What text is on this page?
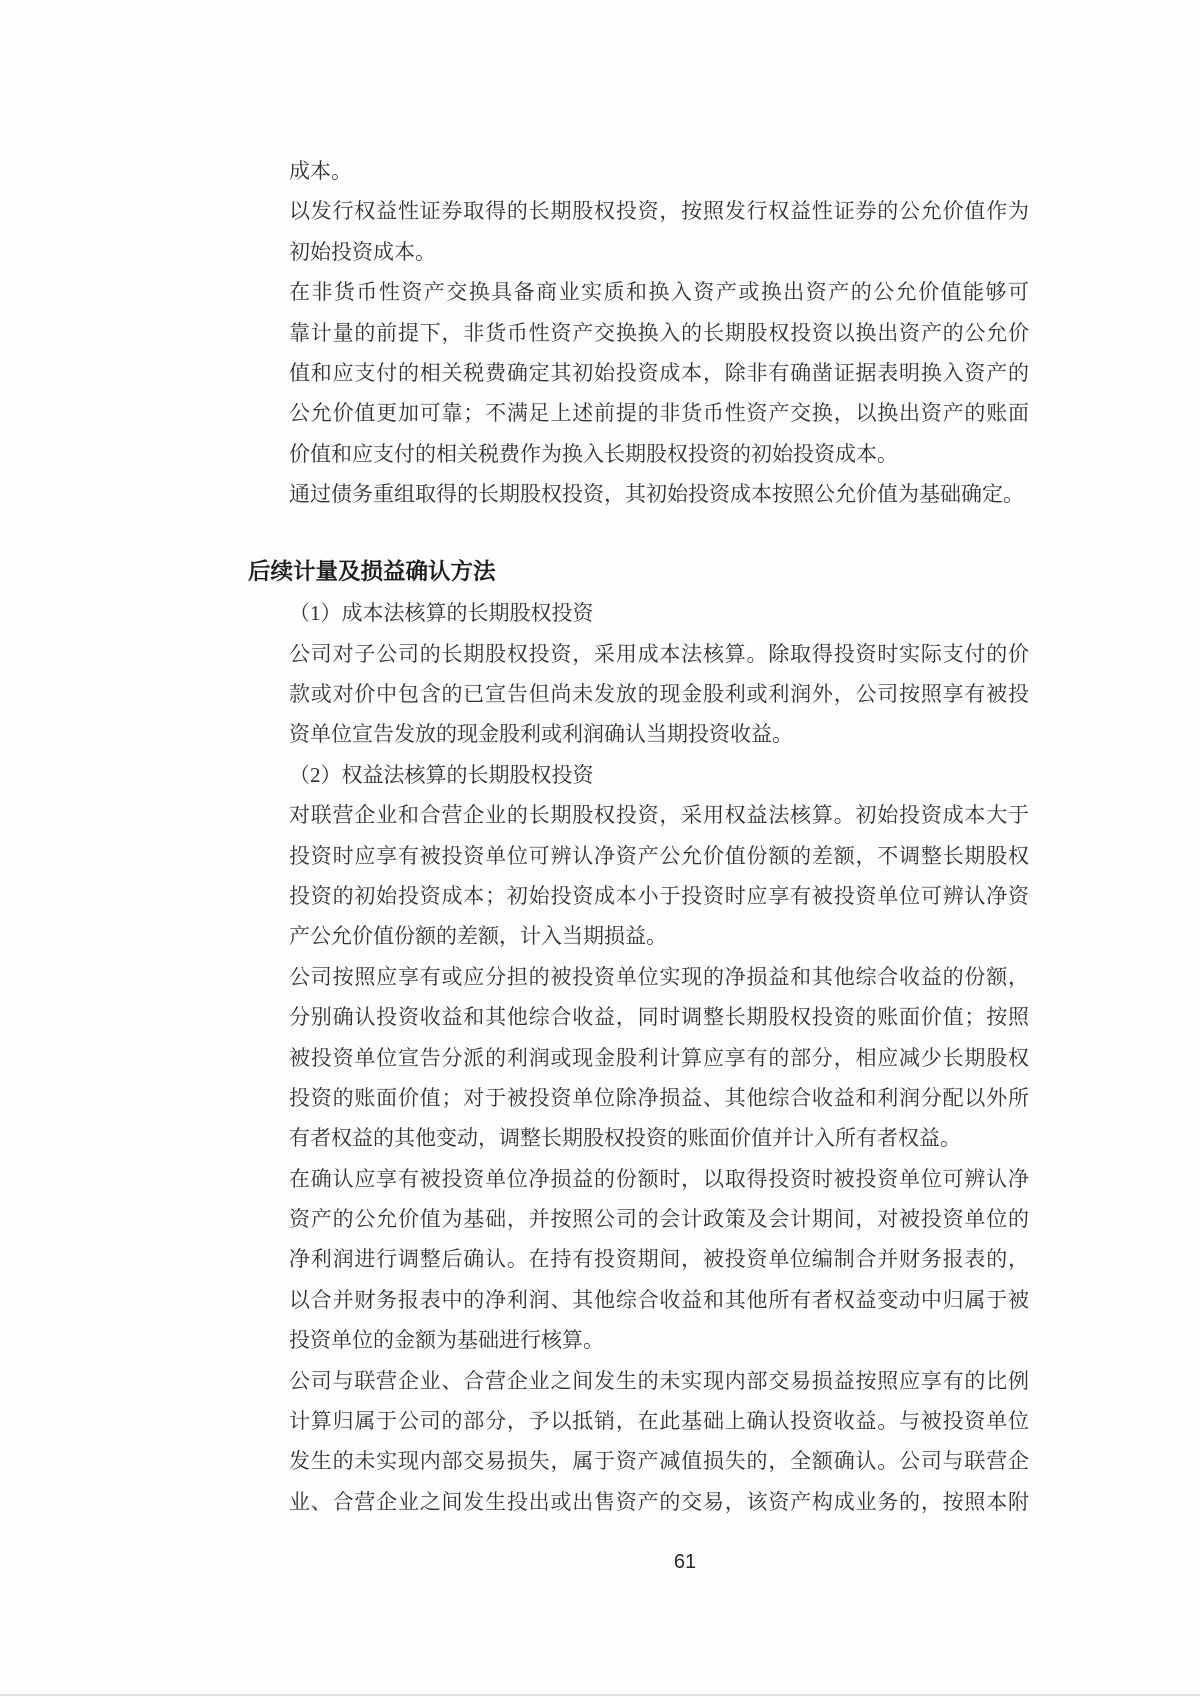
成本。
以发行权益性证券取得的长期股权投资，按照发行权益性证券的公允价值作为
初始投资成本。
在非货币性资产交换具备商业实质和换入资产或换出资产的公允价值能够可
靠计量的前提下，非货币性资产交换换入的长期股权投资以换出资产的公允价
值和应支付的相关税费确定其初始投资成本，除非有确凿证据表明换入资产的
公允价值更加可靠；不满足上述前提的非货币性资产交换，以换出资产的账面
价值和应支付的相关税费作为换入长期股权投资的初始投资成本。
通过债务重组取得的长期股权投资，其初始投资成本按照公允价值为基础确定。
后续计量及损益确认方法
（1）成本法核算的长期股权投资
公司对子公司的长期股权投资，采用成本法核算。除取得投资时实际支付的价
款或对价中包含的已宣告但尚未发放的现金股利或利润外，公司按照享有被投
资单位宣告发放的现金股利或利润确认当期投资收益。
（2）权益法核算的长期股权投资
对联营企业和合营企业的长期股权投资，采用权益法核算。初始投资成本大于
投资时应享有被投资单位可辨认净资产公允价值份额的差额，不调整长期股权
投资的初始投资成本；初始投资成本小于投资时应享有被投资单位可辨认净资
产公允价值份额的差额，计入当期损益。
公司按照应享有或应分担的被投资单位实现的净损益和其他综合收益的份额，
分别确认投资收益和其他综合收益，同时调整长期股权投资的账面价值；按照
被投资单位宣告分派的利润或现金股利计算应享有的部分，相应减少长期股权
投资的账面价值；对于被投资单位除净损益、其他综合收益和利润分配以外所
有者权益的其他变动，调整长期股权投资的账面价值并计入所有者权益。
在确认应享有被投资单位净损益的份额时，以取得投资时被投资单位可辨认净
资产的公允价值为基础，并按照公司的会计政策及会计期间，对被投资单位的
净利润进行调整后确认。在持有投资期间，被投资单位编制合并财务报表的，
以合并财务报表中的净利润、其他综合收益和其他所有者权益变动中归属于被
投资单位的金额为基础进行核算。
公司与联营企业、合营企业之间发生的未实现内部交易损益按照应享有的比例
计算归属于公司的部分，予以抵销，在此基础上确认投资收益。与被投资单位
发生的未实现内部交易损失，属于资产减值损失的，全额确认。公司与联营企
业、合营企业之间发生投出或出售资产的交易，该资产构成业务的，按照本附
61
